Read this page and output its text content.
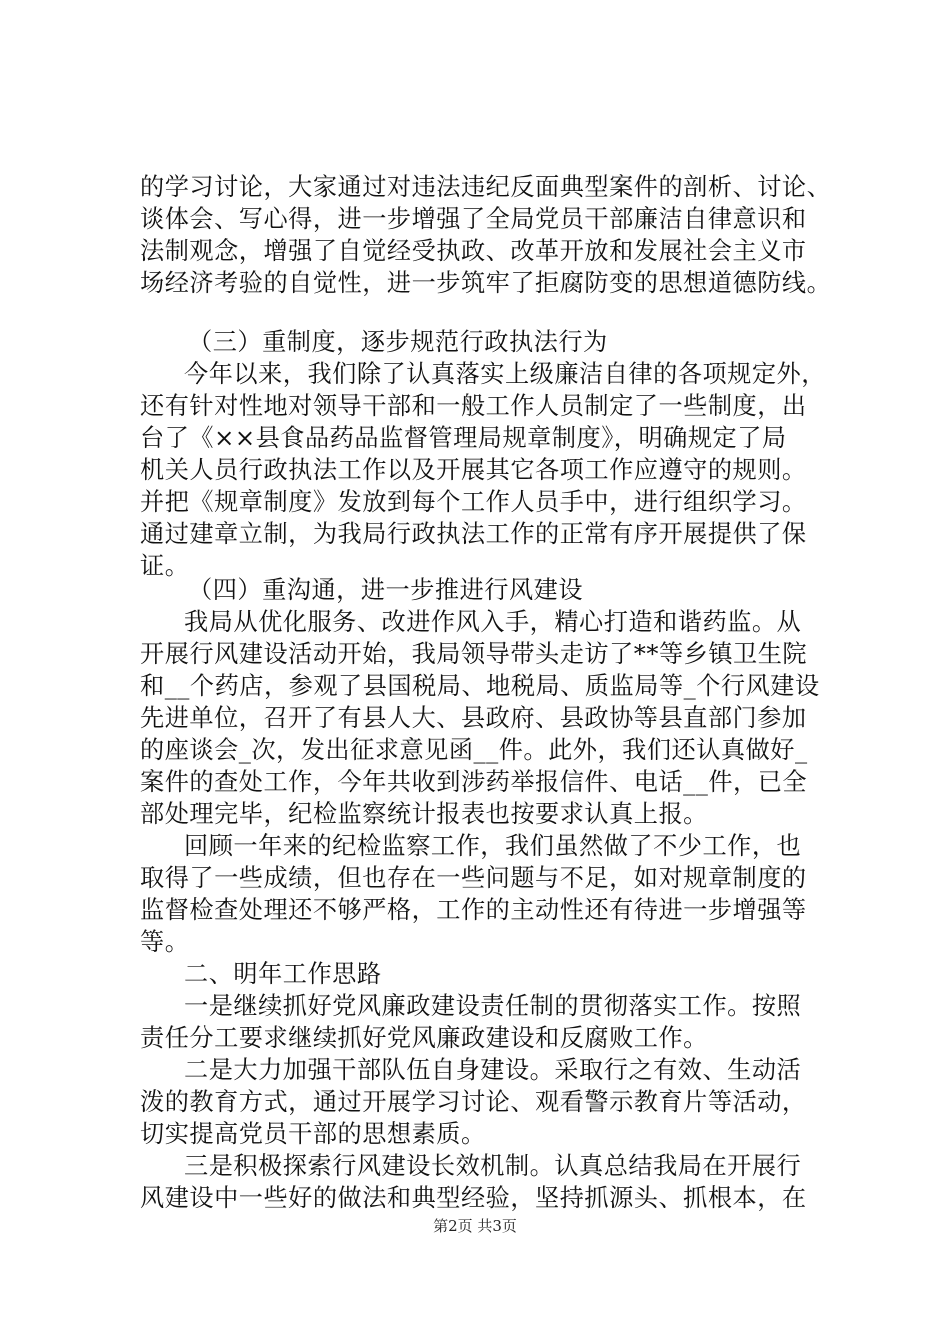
的学习讨论，大家通过对违法违纪反面典型案件的剖析、讨论、
谈体会、写心得，进一步增强了全局党员干部廉洁自律意识和
法制观念，增强了自觉经受执政、改革开放和发展社会主义市
场经济考验的自觉性，进一步筑牢了拒腐防变的思想道德防线。
（三）重制度，逐步规范行政执法行为
今年以来，我们除了认真落实上级廉洁自律的各项规定外，
还有针对性地对领导干部和一般工作人员制定了一些制度，出
台了《××县食品药品监督管理局规章制度》，明确规定了局
机关人员行政执法工作以及开展其它各项工作应遵守的规则。
并把《规章制度》发放到每个工作人员手中，进行组织学习。
通过建章立制，为我局行政执法工作的正常有序开展提供了保
证。
（四）重沟通，进一步推进行风建设
我局从优化服务、改进作风入手，精心打造和谐药监。从
开展行风建设活动开始，我局领导带头走访了**等乡镇卫生院
和__个药店，参观了县国税局、地税局、质监局等_个行风建设
先进单位，召开了有县人大、县政府、县政协等县直部门参加
的座谈会_次，发出征求意见函__件。此外，我们还认真做好_
案件的查处工作，今年共收到涉药举报信件、电话__件，已全
部处理完毕，纪检监察统计报表也按要求认真上报。
回顾一年来的纪检监察工作，我们虽然做了不少工作，也
取得了一些成绩，但也存在一些问题与不足，如对规章制度的
监督检查处理还不够严格，工作的主动性还有待进一步增强等
等。
二、明年工作思路
一是继续抓好党风廉政建设责任制的贯彻落实工作。按照
责任分工要求继续抓好党风廉政建设和反腐败工作。
二是大力加强干部队伍自身建设。采取行之有效、生动活
泼的教育方式，通过开展学习讨论、观看警示教育片等活动，
切实提高党员干部的思想素质。
三是积极探索行风建设长效机制。认真总结我局在开展行
风建设中一些好的做法和典型经验，坚持抓源头、抓根本，在
第2页 共3页
